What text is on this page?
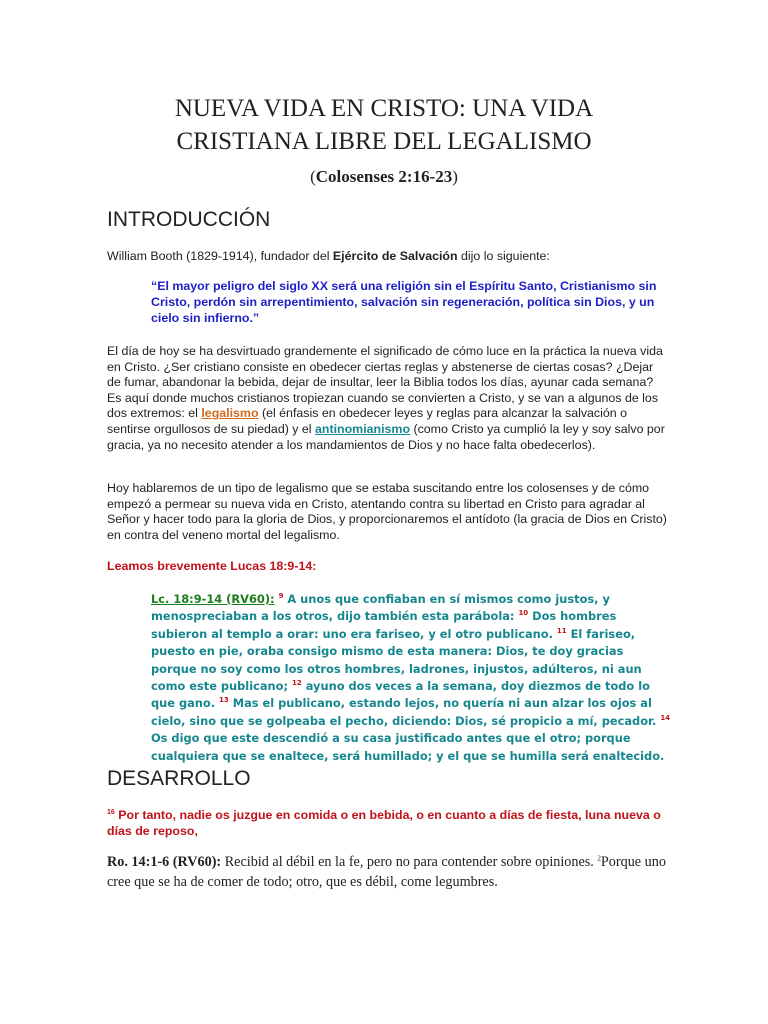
NUEVA VIDA EN CRISTO: UNA VIDA
CRISTIANA LIBRE DEL LEGALISMO
(Colosenses 2:16-23)
INTRODUCCIÓN

William Booth (1829-1914), fundador del Ejército de Salvación dijo lo siguiente:

“El mayor peligro del siglo XX será una religión sin el Espíritu Santo, Cristianismo sin Cristo, perdón sin arrepentimiento, salvación sin regeneración, política sin Dios, y un cielo sin infierno.”

El día de hoy se ha desvirtuado grandemente el significado de cómo luce en la práctica la nueva vida en Cristo. ¿Ser cristiano consiste en obedecer ciertas reglas y abstenerse de ciertas cosas? ¿Dejar de fumar, abandonar la bebida, dejar de insultar, leer la Biblia todos los días, ayunar cada semana? Es aquí donde muchos cristianos tropiezan cuando se convierten a Cristo, y se van a algunos de los dos extremos: el legalismo (el énfasis en obedecer leyes y reglas para alcanzar la salvación o sentirse orgullosos de su piedad) y el antinomianismo (como Cristo ya cumplió la ley y soy salvo por gracia, ya no necesito atender a los mandamientos de Dios y no hace falta obedecerlos).

Hoy hablaremos de un tipo de legalismo que se estaba suscitando entre los colosenses y de cómo empezó a permear su nueva vida en Cristo, atentando contra su libertad en Cristo para agradar al Señor y hacer todo para la gloria de Dios, y proporcionaremos el antídoto (la gracia de Dios en Cristo) en contra del veneno mortal del legalismo.

Leamos brevemente Lucas 18:9-14:

Lc. 18:9-14 (RV60): $^9$ A unos que confiaban en sí mismos como justos, y menospreciaban a los otros, dijo también esta parábola: $^{10}$ Dos hombres subieron al templo a orar: uno era fariseo, y el otro publicano. $^{11}$ El fariseo, puesto en pie, oraba consigo mismo de esta manera: Dios, te doy gracias porque no soy como los otros hombres, ladrones, injustos, adúlteros, ni aun como este publicano; $^{12}$ ayuno dos veces a la semana, doy diezmos de todo lo que gano. $^{13}$ Mas el publicano, estando lejos, no quería ni aun alzar los ojos al cielo, sino que se golpeaba el pecho, diciendo: Dios, sé propicio a mí, pecador. $^{14}$ Os digo que este descendió a su casa justificado antes que el otro; porque cualquiera que se enaltece, será humillado; y el que se humilla será enaltecido.

DESARROLLO

$^{16}$ Por tanto, nadie os juzgue en comida o en bebida, o en cuanto a días de fiesta, luna nueva o días de reposo,

Ro. 14:1-6 (RV60): Recibid al débil en la fe, pero no para contender sobre opiniones. $^2$Porque uno cree que se ha de comer de todo; otro, que es débil, come legumbres.
